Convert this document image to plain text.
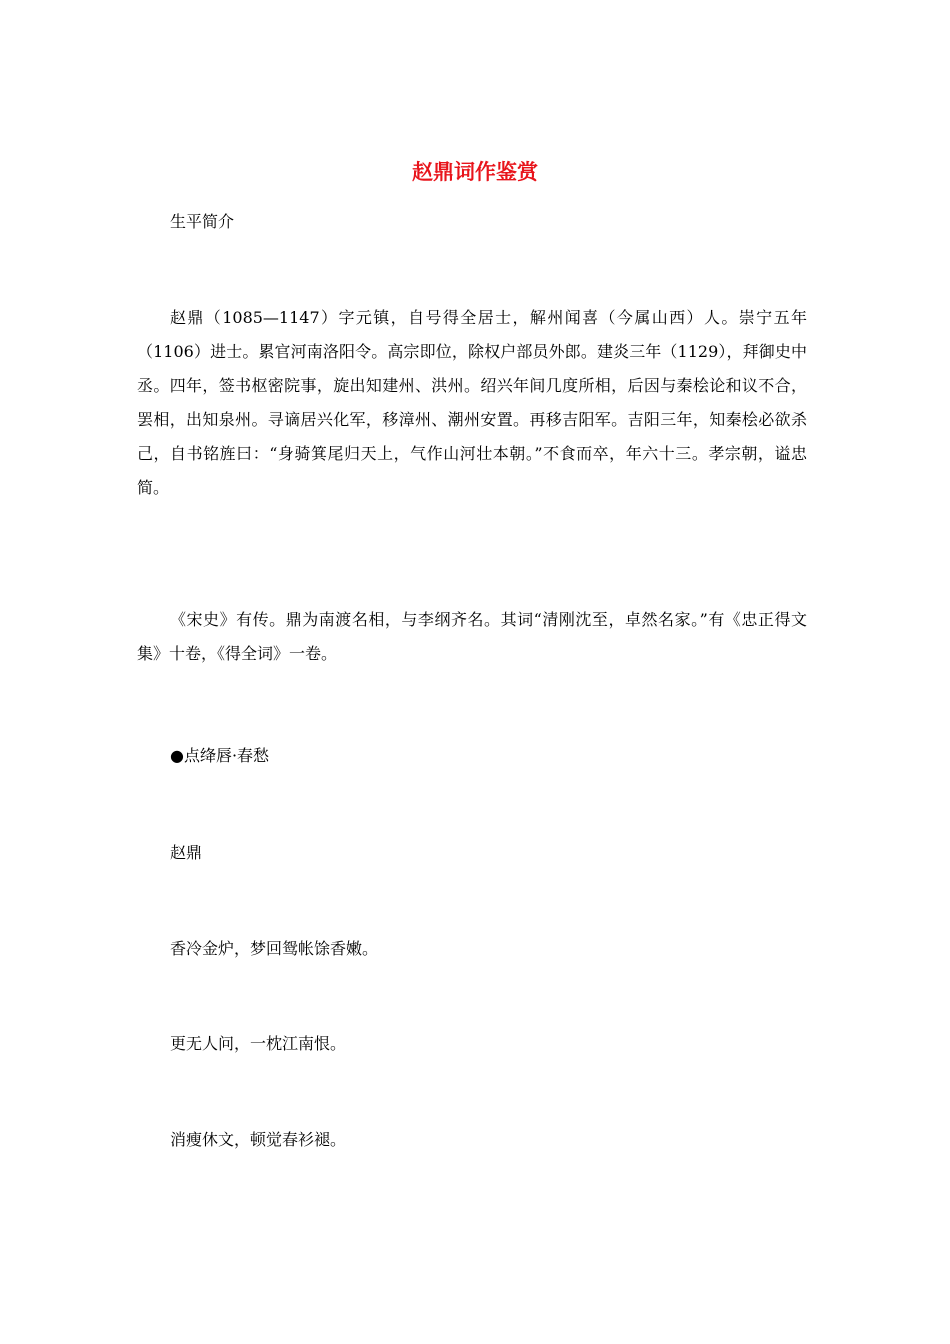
赵鼎词作鉴赏
生平简介
赵鼎（1085—1147）字元镇，自号得全居士，解州闻喜（今属山西）人。崇宁五年（1106）进士。累官河南洛阳令。高宗即位，除权户部员外郎。建炎三年（1129），拜御史中丞。四年，签书枢密院事，旋出知建州、洪州。绍兴年间几度所相，后因与秦桧论和议不合，罢相，出知泉州。寻谪居兴化军，移漳州、潮州安置。再移吉阳军。吉阳三年，知秦桧必欲杀己，自书铭旌曰：“身骑箕尾归天上，气作山河壮本朝。”不食而卒，年六十三。孝宗朝，谥忠简。
《宋史》有传。鼎为南渡名相，与李纲齐名。其词“清刚沈至，卓然名家。”有《忠正得文集》十卷，《得全词》一卷。
●点绛唇·春愁
赵鼎
香冷金炉，梦回鸳帐馀香嫩。
更无人问，一枕江南恨。
消瘦休文，顿觉春衫褪。
